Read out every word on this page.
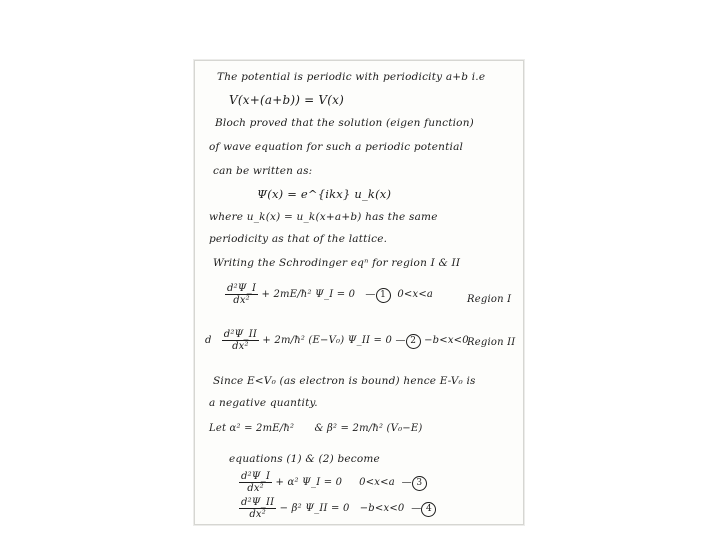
The potential is periodic with periodicity a+b i.e
V(x+(a+b)) = V(x)
Bloch proved that the solution (eigen function)
of wave equation for such a periodic potential
can be written as:
Ψ(x) = e^{ikx} u_k(x)
where u_k(x) = u_k(x+a+b) has the same
periodicity as that of the lattice.
Writing the Schrodinger eqⁿ for region I & II
$\frac{\text{d²Ψ\_I}}{\text{dx²}}$ + 2mE/ħ² Ψ_I = 0   — 1 0<x<a	Region I
d $\frac{\text{d²Ψ\_II}}{\text{dx²}}$ + 2m/ħ² (E−V₀) Ψ_II = 0 — 2 −b<x<0
Region II
Since E<V₀ (as electron is bound) hence E-V₀ is
a negative quantity.
Let α² = 2mE/ħ² & β² = 2m/ħ² (V₀−E)
equations (1) & (2) become
$\frac{\text{d²Ψ\_I}}{\text{dx²}} + \alpha^2$ Ψ_I = 0 0<x<a  — 3
$\frac{\text{d²Ψ\_II}}{\text{dx²}} - \beta^2$ Ψ_II = 0 −b<x<0  — 4
